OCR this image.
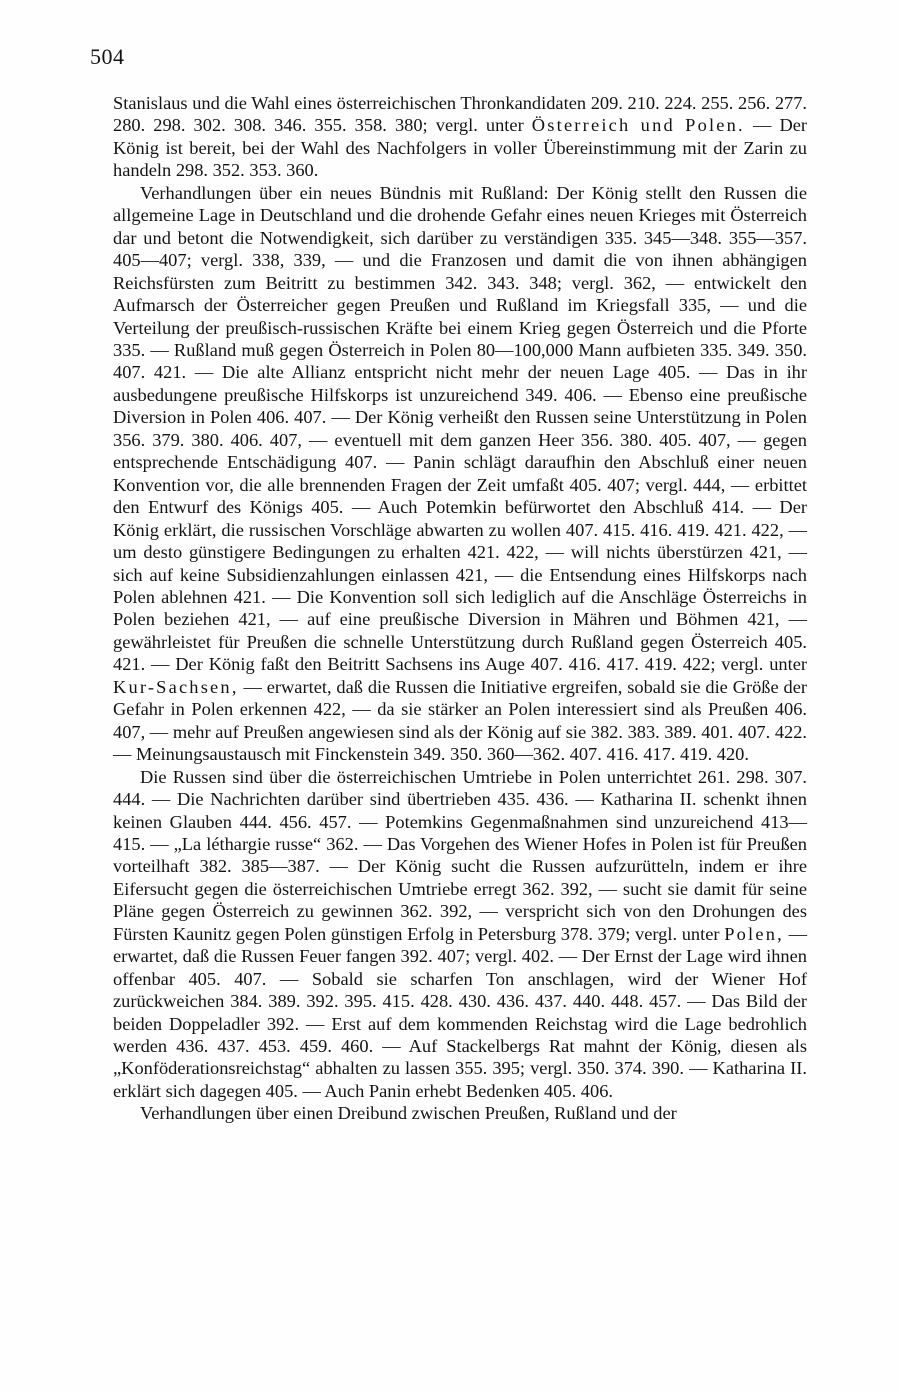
504

Stanislaus und die Wahl eines österreichischen Thronkandidaten 209. 210. 224. 255. 256. 277. 280. 298. 302. 308. 346. 355. 358. 380; vergl. unter Österreich und Polen. — Der König ist bereit, bei der Wahl des Nachfolgers in voller Übereinstimmung mit der Zarin zu handeln 298. 352. 353. 360.

Verhandlungen über ein neues Bündnis mit Rußland: Der König stellt den Russen die allgemeine Lage in Deutschland und die drohende Gefahr eines neuen Krieges mit Österreich dar und betont die Notwendigkeit, sich darüber zu verständigen 335. 345—348. 355—357. 405—407; vergl. 338, 339, — und die Franzosen und damit die von ihnen abhängigen Reichsfürsten zum Beitritt zu bestimmen 342. 343. 348; vergl. 362, — entwickelt den Aufmarsch der Österreicher gegen Preußen und Rußland im Kriegsfall 335, — und die Verteilung der preußisch-russischen Kräfte bei einem Krieg gegen Österreich und die Pforte 335. — Rußland muß gegen Österreich in Polen 80—100,000 Mann aufbieten 335. 349. 350. 407. 421. — Die alte Allianz entspricht nicht mehr der neuen Lage 405. — Das in ihr ausbedungene preußische Hilfskorps ist unzureichend 349. 406. — Ebenso eine preußische Diversion in Polen 406. 407. — Der König verheißt den Russen seine Unterstützung in Polen 356. 379. 380. 406. 407, — eventuell mit dem ganzen Heer 356. 380. 405. 407, — gegen entsprechende Entschädigung 407. — Panin schlägt daraufhin den Abschluß einer neuen Konvention vor, die alle brennenden Fragen der Zeit umfaßt 405. 407; vergl. 444, — erbittet den Entwurf des Königs 405. — Auch Potemkin befürwortet den Abschluß 414. — Der König erklärt, die russischen Vorschläge abwarten zu wollen 407. 415. 416. 419. 421. 422, — um desto günstigere Bedingungen zu erhalten 421. 422, — will nichts überstürzen 421, — sich auf keine Subsidienzahlungen einlassen 421, — die Entsendung eines Hilfskorps nach Polen ablehnen 421. — Die Konvention soll sich lediglich auf die Anschläge Österreichs in Polen beziehen 421, — auf eine preußische Diversion in Mähren und Böhmen 421, — gewährleistet für Preußen die schnelle Unterstützung durch Rußland gegen Österreich 405. 421. — Der König faßt den Beitritt Sachsens ins Auge 407. 416. 417. 419. 422; vergl. unter Kur-Sachsen, — erwartet, daß die Russen die Initiative ergreifen, sobald sie die Größe der Gefahr in Polen erkennen 422, — da sie stärker an Polen interessiert sind als Preußen 406. 407, — mehr auf Preußen angewiesen sind als der König auf sie 382. 383. 389. 401. 407. 422. — Meinungsaustausch mit Finckenstein 349. 350. 360—362. 407. 416. 417. 419. 420.

Die Russen sind über die österreichischen Umtriebe in Polen unterrichtet 261. 298. 307. 444. — Die Nachrichten darüber sind übertrieben 435. 436. — Katharina II. schenkt ihnen keinen Glauben 444. 456. 457. — Potemkins Gegenmaßnahmen sind unzureichend 413—415. — „La léthargie russe“ 362. — Das Vorgehen des Wiener Hofes in Polen ist für Preußen vorteilhaft 382. 385—387. — Der König sucht die Russen aufzurütteln, indem er ihre Eifersucht gegen die österreichischen Umtriebe erregt 362. 392, — sucht sie damit für seine Pläne gegen Österreich zu gewinnen 362. 392, — verspricht sich von den Drohungen des Fürsten Kaunitz gegen Polen günstigen Erfolg in Petersburg 378. 379; vergl. unter Polen, — erwartet, daß die Russen Feuer fangen 392. 407; vergl. 402. — Der Ernst der Lage wird ihnen offenbar 405. 407. — Sobald sie scharfen Ton anschlagen, wird der Wiener Hof zurückweichen 384. 389. 392. 395. 415. 428. 430. 436. 437. 440. 448. 457. — Das Bild der beiden Doppeladler 392. — Erst auf dem kommenden Reichstag wird die Lage bedrohlich werden 436. 437. 453. 459. 460. — Auf Stackelbergs Rat mahnt der König, diesen als „Konföderationsreichstag“ abhalten zu lassen 355. 395; vergl. 350. 374. 390. — Katharina II. erklärt sich dagegen 405. — Auch Panin erhebt Bedenken 405. 406.

Verhandlungen über einen Dreibund zwischen Preußen, Rußland und der
